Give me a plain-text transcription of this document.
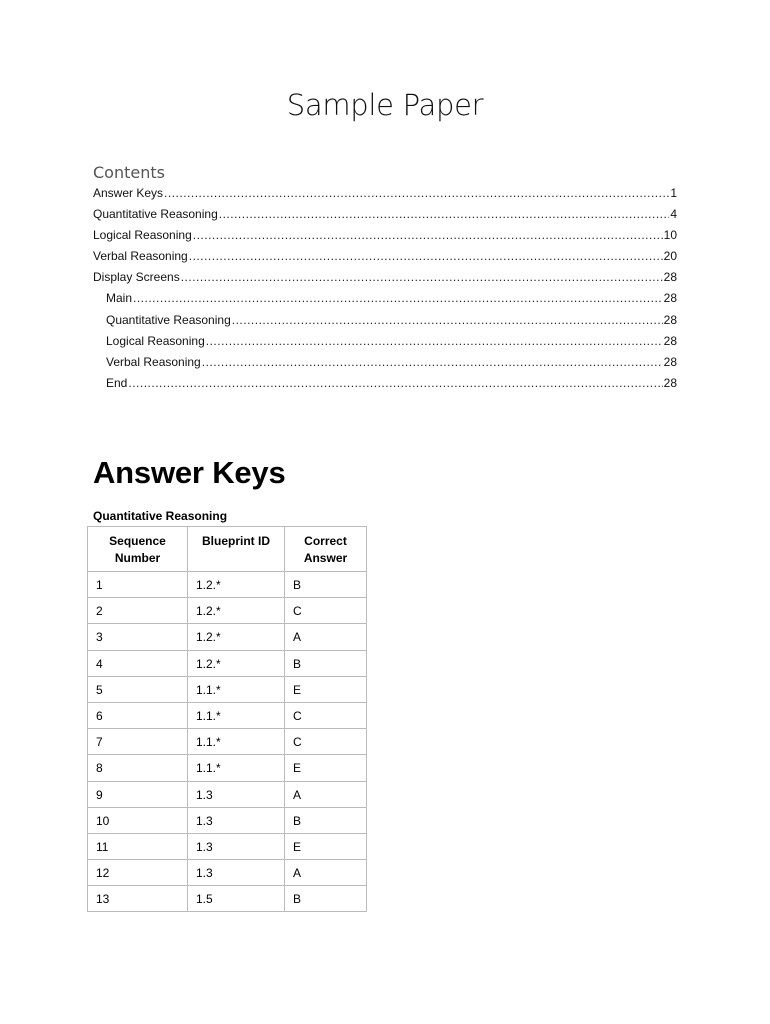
Sample Paper
Contents
Answer Keys .....	1
Quantitative Reasoning .....	4
Logical Reasoning .....	10
Verbal Reasoning .....	20
Display Screens .....	28
Main .....	28
Quantitative Reasoning .....	28
Logical Reasoning .....	28
Verbal Reasoning .....	28
End .....	28
Answer Keys
Quantitative Reasoning
Sequence Number	Blueprint ID	Correct Answer
1	1.2.*	B
2	1.2.*	C
3	1.2.*	A
4	1.2.*	B
5	1.1.*	E
6	1.1.*	C
7	1.1.*	C
8	1.1.*	E
9	1.3	A
10	1.3	B
11	1.3	E
12	1.3	A
13	1.5	B
